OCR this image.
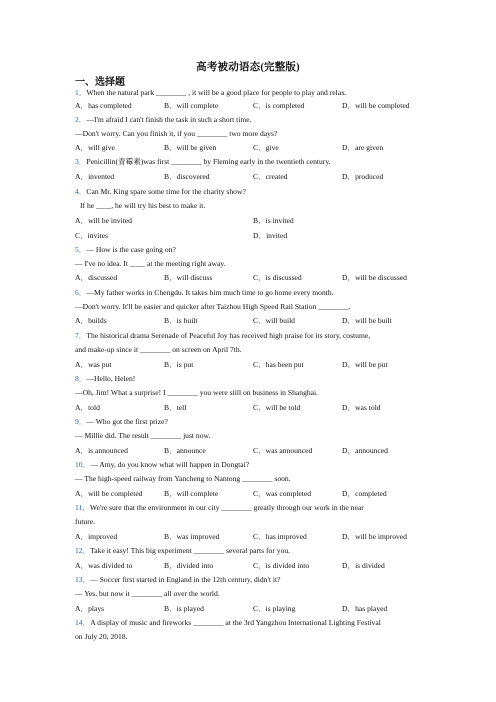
高考被动语态(完整版)
一、选择题
1．When the natural park ________ , it will be a good place for people to play and relax.
A．has completed	B．will complete	C．is completed	D．will be completed
2．—I'm afraid I can't finish the task in such a short time.
—Don't worry. Can you finish it, if you ________ two more days?
A．will give	B．will be given	C．give	D．are given
3．Penicillin(青霉素)was first ________ by Fleming early in the twentieth century.
A．invented	B．discovered	C．created	D．produced
4．Can Mr. King spare some time for the charity show?
If he ____, he will try his best to make it.
A．will be invited	B．is invited
C．invites	D．invited
5．— How is the case going on?
— I've no idea. It ____ at the meeting right away.
A．discussed	B．will discuss	C．is discussed	D．will be discussed
6．—My father works in Chengdu. It takes him much time to go home every month.
—Don't worry. It'll be easier and quicker after Taizhou High Speed Rail Station ________.
A．builds	B．is built	C．will build	D．will be built
7．The historical drama Serenade of Peaceful Joy has received high praise for its story, costume,
and make-up since it ________ on screen on April 7th.
A．was put	B．is put	C．has been put	D．will be put
8．—Hello, Helen!
—Oh, Jim! What a surprise! I ________ you were still on business in Shanghai.
A．told	B．tell	C．will be told	D．was told
9．— Who got the first prize?
— Millie did. The result ________ just now.
A．is announced	B．announce	C．was announced	D．announced
10．— Amy, do you know what will happen in Dongtai?
— The high-speed railway from Yancheng to Nantong ________ soon.
A．will be completed	B．will complete	C．was completed	D．completed
11．We're sure that the environment in our city ________ greatly through our work in the near
future.
A．improved	B．was improved	C．has improved	D．will be improved
12．Take it easy! This big experiment ________ several parts for you.
A．was divided to	B．divided into	C．is divided into	D．is divided
13．— Soccer first started in England in the 12th century, didn't it?
— Yes, but now it ________ all over the world.
A．plays	B．is played	C．is playing	D．has played
14．A display of music and fireworks ________ at the 3rd Yangzhou International Lighting Festival
on July 20, 2018.
